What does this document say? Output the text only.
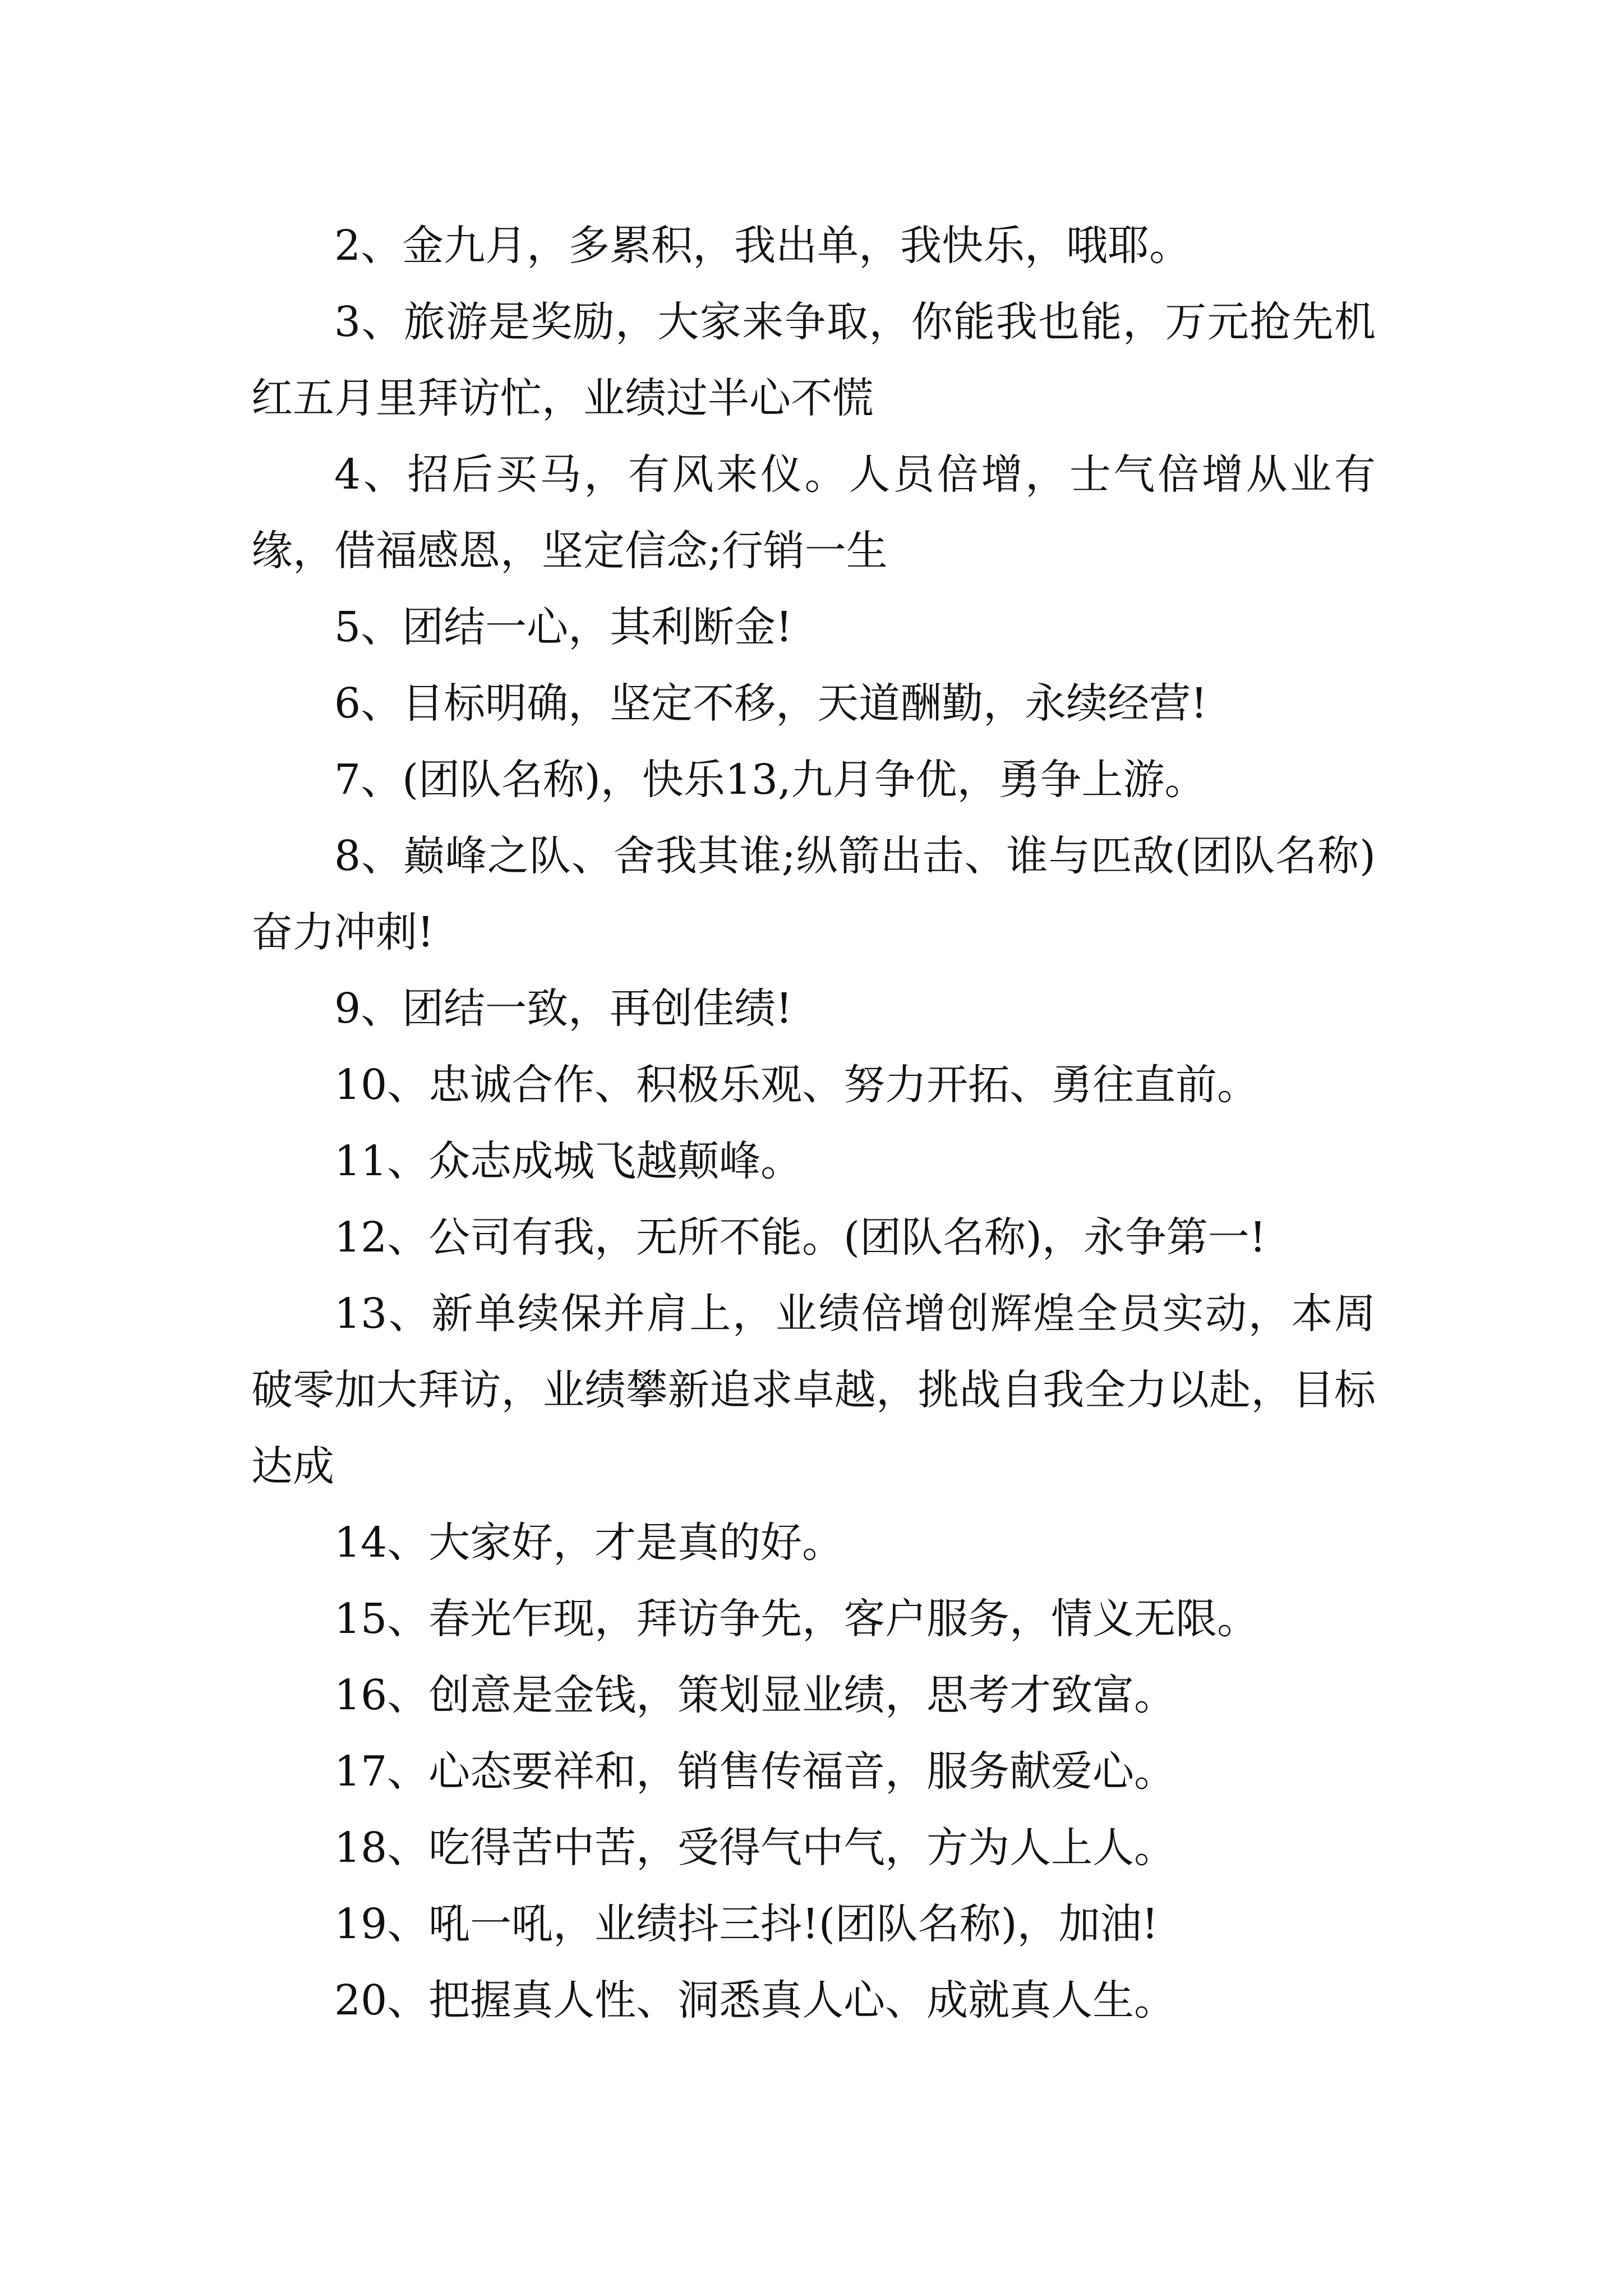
2、金九月，多累积，我出单，我快乐，哦耶。

3、旅游是奖励，大家来争取，你能我也能，万元抢先机红五月里拜访忙，业绩过半心不慌

4、招后买马，有风来仪。人员倍增，士气倍增从业有缘，借福感恩，坚定信念;行销一生

5、团结一心，其利断金!

6、目标明确，坚定不移，天道酬勤，永续经营!

7、(团队名称)，快乐13,九月争优，勇争上游。

8、巅峰之队、舍我其谁;纵箭出击、谁与匹敌(团队名称)奋力冲刺!

9、团结一致，再创佳绩!

10、忠诚合作、积极乐观、努力开拓、勇往直前。

11、众志成城飞越颠峰。

12、公司有我，无所不能。(团队名称)，永争第一!

13、新单续保并肩上，业绩倍增创辉煌全员实动，本周破零加大拜访，业绩攀新追求卓越，挑战自我全力以赴，目标达成

14、大家好，才是真的好。

15、春光乍现，拜访争先，客户服务，情义无限。

16、创意是金钱，策划显业绩，思考才致富。

17、心态要祥和，销售传福音，服务献爱心。

18、吃得苦中苦，受得气中气，方为人上人。

19、吼一吼，业绩抖三抖!(团队名称)，加油!

20、把握真人性、洞悉真人心、成就真人生。
